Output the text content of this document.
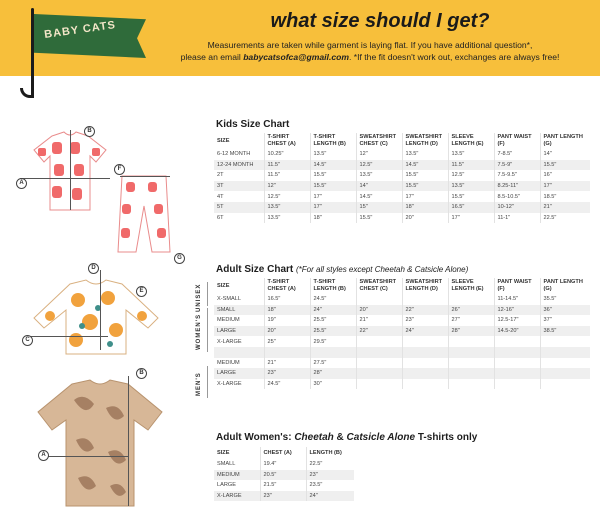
BABY CATS	what size should I get?
Measurements are taken while garment is laying flat. If you have additional question*,
please an email babycatsofca@gmail.com. *If the fit doesn't work out, exchanges are always free!
B
A
F
G
D
E
C
B
A
Kids Size Chart
SIZE	T-SHIRT CHEST (A)	T-SHIRT LENGTH (B)	SWEATSHIRT CHEST (C)	SWEATSHIRT LENGTH (D)	SLEEVE LENGTH (E)	PANT WAIST (F)	PANT LENGTH (G)
6-12 MONTH	10.25"	13.5"	12"	13.5"	13.5"	7-8.5"	14"
12-24 MONTH	11.5"	14.5"	12.5"	14.5"	11.5"	7.5-9"	15.5"
2T	11.5"	15.5"	13.5"	15.5"	12.5"	7.5-9.5"	16"
3T	12"	15.5"	14"	15.5"	13.5"	8.25-11"	17"
4T	12.5"	17"	14.5"	17"	15.5"	8.5-10.5"	18.5"
5T	13.5"	17"	15"	18"	16.5"	10-12"	21"
6T	13.5"	18"	15.5"	20"	17"	11-1"	22.5"
Adult Size Chart (*For all styles except Cheetah & Catsicle Alone)
SIZE	T-SHIRT CHEST (A)	T-SHIRT LENGTH (B)	SWEATSHIRT CHEST (C)	SWEATSHIRT LENGTH (D)	SLEEVE LENGTH (E)	PANT WAIST (F)	PANT LENGTH (G)
X-SMALL	16.5"	24.5"				11-14.5"	35.5"
SMALL	18"	24"	20"	22"	26"	12-16"	36"
MEDIUM	19"	25.5"	21"	23"	27"	12.5-17"	37"
LARGE	20"	25.5"	22"	24"	28"	14.5-20"	38.5"
X-LARGE	25"	29.5"					

MEDIUM	21"	27.5"					
LARGE	23"	28"					
X-LARGE	24.5"	30"					
UNISEX
WOMEN'S
MEN'S
Adult Women's: Cheetah & Catsicle Alone T-shirts only
SIZE	CHEST (A)	LENGTH (B)
SMALL	19.4"	22.5"
MEDIUM	20.5"	23"
LARGE	21.5"	23.5"
X-LARGE	23"	24"
